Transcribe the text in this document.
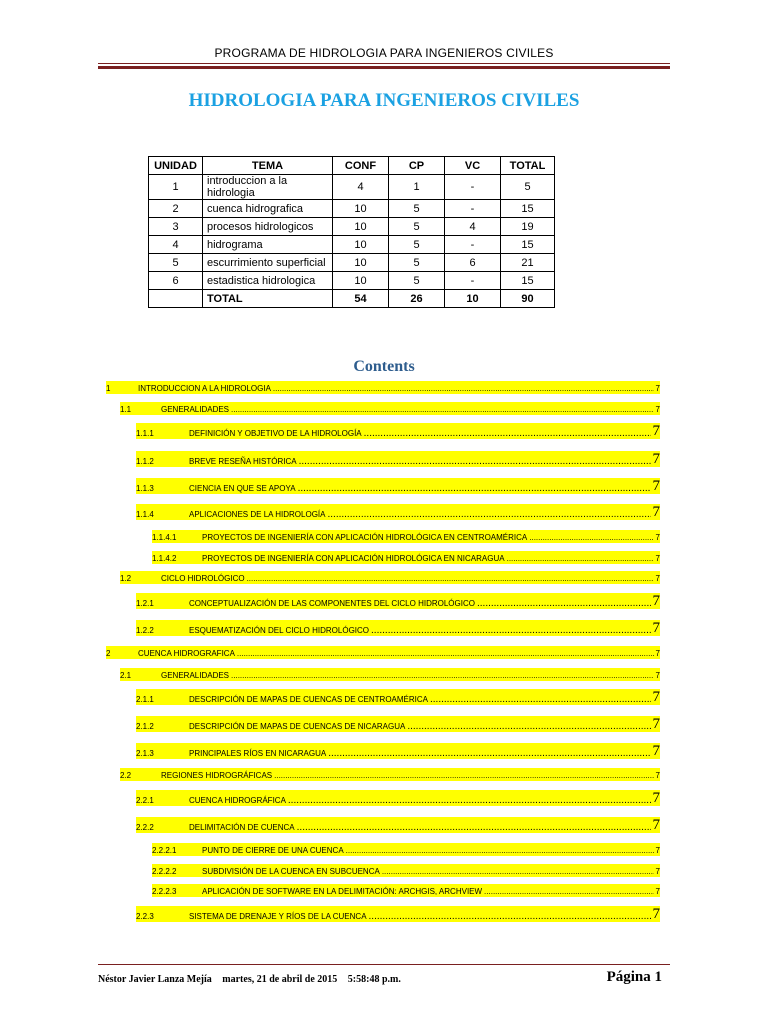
PROGRAMA DE HIDROLOGIA PARA INGENIEROS CIVILES
HIDROLOGIA PARA INGENIEROS CIVILES
UNIDAD	TEMA	CONF	CP	VC	TOTAL
1	introduccion a la hidrologia	4	1	-	5
2	cuenca hidrografica	10	5	-	15
3	procesos hidrologicos	10	5	4	19
4	hidrograma	10	5	-	15
5	escurrimiento superficial	10	5	6	21
6	estadistica hidrologica	10	5	-	15
	TOTAL	54	26	10	90
Contents
1	INTRODUCCION A LA HIDROLOGIA .....	7
1.1	GENERALIDADES .....	7
1.1.1	DEFINICIÓN Y OBJETIVO DE LA HIDROLOGÍA .....	7
1.1.2	BREVE RESEÑA HISTÓRICA .....	7
1.1.3	CIENCIA EN QUE SE APOYA .....	7
1.1.4	APLICACIONES DE LA HIDROLOGÍA .....	7
1.1.4.1	PROYECTOS DE INGENIERÍA CON APLICACIÓN HIDROLÓGICA EN CENTROAMÉRICA .....	7
1.1.4.2	PROYECTOS DE INGENIERÍA CON APLICACIÓN HIDROLÓGICA EN NICARAGUA .....	7
1.2	CICLO HIDROLÓGICO .....	7
1.2.1	CONCEPTUALIZACIÓN DE LAS COMPONENTES DEL CICLO HIDROLÓGICO .....	7
1.2.2	ESQUEMATIZACIÓN DEL CICLO HIDROLÓGICO .....	7
2	CUENCA HIDROGRAFICA .....	7
2.1	GENERALIDADES .....	7
2.1.1	DESCRIPCIÓN DE MAPAS DE CUENCAS DE CENTROAMÉRICA .....	7
2.1.2	DESCRIPCIÓN DE MAPAS DE CUENCAS DE NICARAGUA .....	7
2.1.3	PRINCIPALES RÍOS EN NICARAGUA .....	7
2.2	REGIONES HIDROGRÁFICAS .....	7
2.2.1	CUENCA HIDROGRÁFICA .....	7
2.2.2	DELIMITACIÓN DE CUENCA .....	7
2.2.2.1	PUNTO DE CIERRE DE UNA CUENCA .....	7
2.2.2.2	SUBDIVISIÓN DE LA CUENCA EN SUBCUENCA .....	7
2.2.2.3	APLICACIÓN DE SOFTWARE EN LA DELIMITACIÓN: ARCHGIS, ARCHVIEW .....	7
2.2.3	SISTEMA DE DRENAJE Y RÍOS DE LA CUENCA .....	7
Néstor Javier Lanza Mejía martes, 21 de abril de 2015 5:58:48 p.m.	Página 1
